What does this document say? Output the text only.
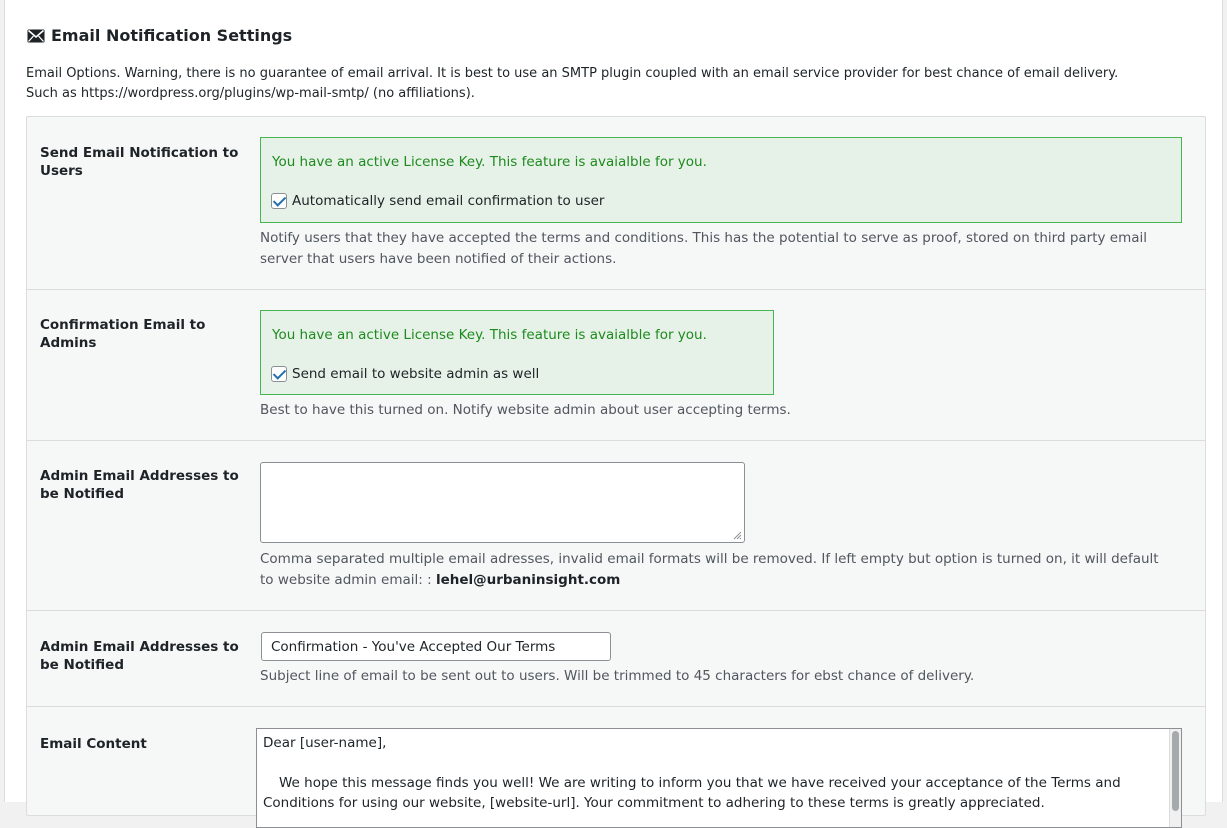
Email Notification Settings
Email Options. Warning, there is no guarantee of email arrival. It is best to use an SMTP plugin coupled with an email service provider for best chance of email delivery. Such as https://wordpress.org/plugins/wp-mail-smtp/ (no affiliations).
Send Email Notification to Users
You have an active License Key. This feature is avaialble for you.
Automatically send email confirmation to user
Notify users that they have accepted the terms and conditions. This has the potential to serve as proof, stored on third party email server that users have been notified of their actions.
Confirmation Email to Admins	You have an active License Key. This feature is avaialble for you.
Send email to website admin as well
Best to have this turned on. Notify website admin about user accepting terms.
Admin Email Addresses to be Notified
Comma separated multiple email adresses, invalid email formats will be removed. If left empty but option is turned on, it will default to website admin email: : lehel@urbaninsight.com
Admin Email Addresses to be Notified
Confirmation - You've Accepted Our Terms
Subject line of email to be sent out to users. Will be trimmed to 45 characters for ebst chance of delivery.
Email Content	Dear [user-name],

We hope this message finds you well! We are writing to inform you that we have received your acceptance of the Terms and Conditions for using our website, [website-url]. Your commitment to adhering to these terms is greatly appreciated.
